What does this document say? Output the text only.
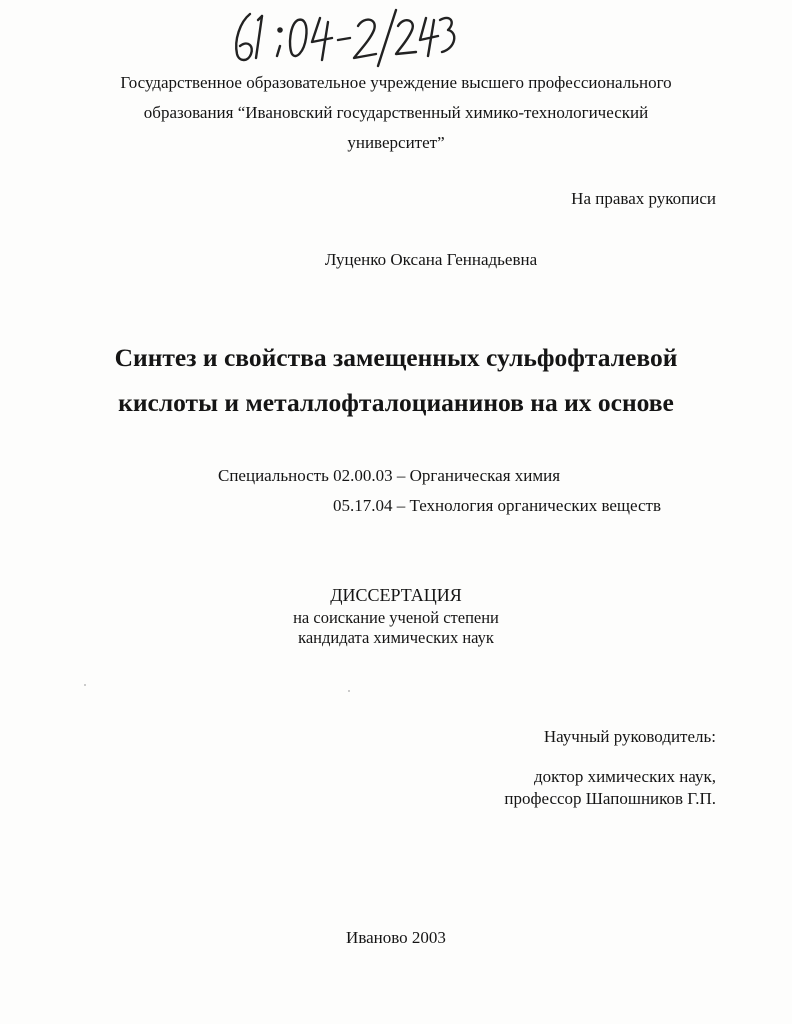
Государственное образовательное учреждение высшего профессионального
образования “Ивановский государственный химико-технологический
университет”
На правах рукописи
Луценко Оксана Геннадьевна
Синтез и свойства замещенных сульфофталевой
кислоты и металлофталоцианинов на их основе
Специальность 02.00.03 – Органическая химия
05.17.04 – Технология органических веществ
ДИССЕРТАЦИЯ
на соискание ученой степени
кандидата химических наук
Научный руководитель:
доктор химических наук,
профессор Шапошников Г.П.
Иваново 2003
